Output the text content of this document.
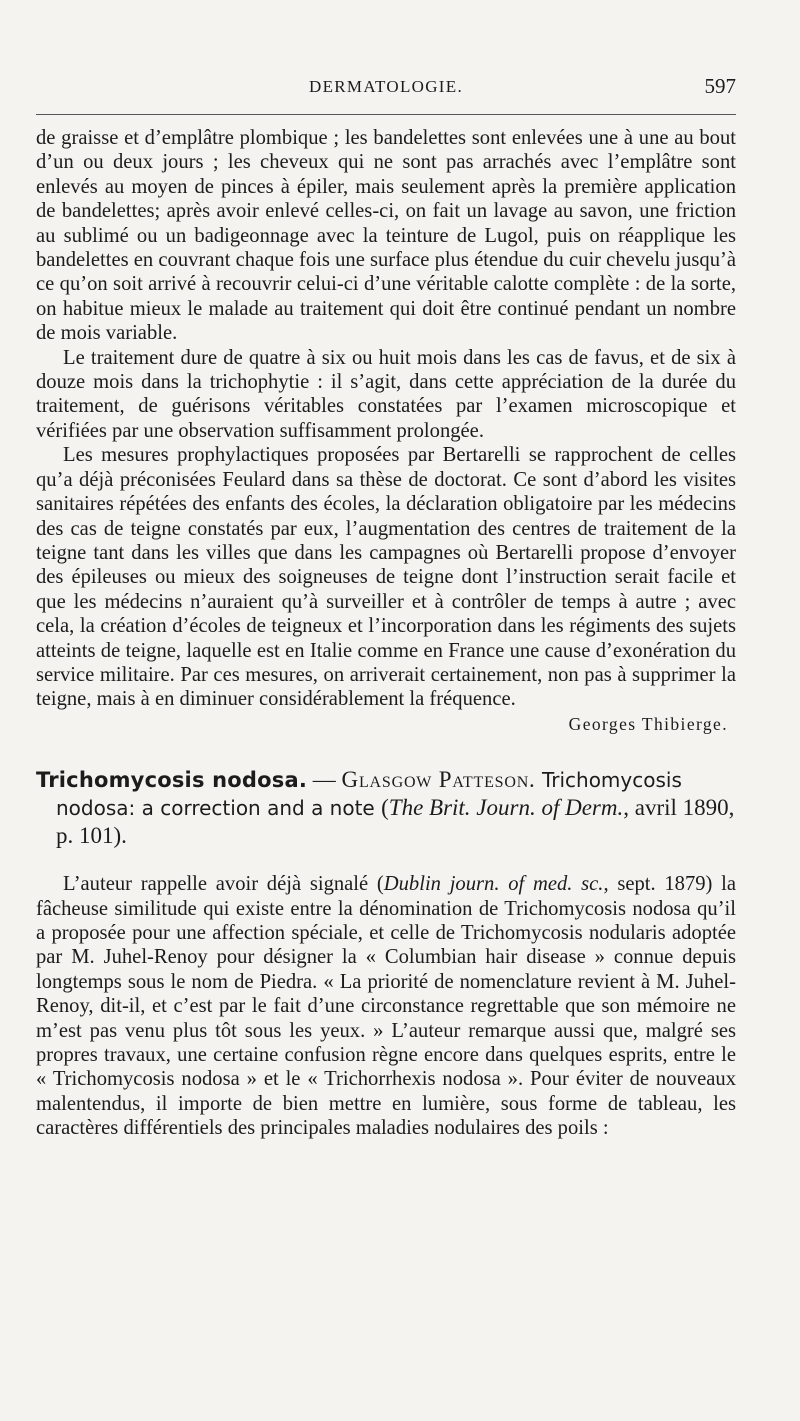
DERMATOLOGIE.	597

de graisse et d’emplâtre plombique ; les bandelettes sont enlevées une à une au bout d’un ou deux jours ; les cheveux qui ne sont pas arrachés avec l’emplâtre sont enlevés au moyen de pinces à épiler, mais seulement après la première application de bandelettes; après avoir enlevé celles-ci, on fait un lavage au savon, une friction au sublimé ou un badigeonnage avec la teinture de Lugol, puis on réapplique les bandelettes en couvrant chaque fois une surface plus étendue du cuir chevelu jusqu’à ce qu’on soit arrivé à recouvrir celui-ci d’une véritable calotte complète : de la sorte, on habitue mieux le malade au traitement qui doit être continué pendant un nombre de mois variable.

Le traitement dure de quatre à six ou huit mois dans les cas de favus, et de six à douze mois dans la trichophytie : il s’agit, dans cette appréciation de la durée du traitement, de guérisons véritables constatées par l’examen microscopique et vérifiées par une observation suffisamment prolongée.

Les mesures prophylactiques proposées par Bertarelli se rapprochent de celles qu’a déjà préconisées Feulard dans sa thèse de doctorat. Ce sont d’abord les visites sanitaires répétées des enfants des écoles, la déclaration obligatoire par les médecins des cas de teigne constatés par eux, l’augmentation des centres de traitement de la teigne tant dans les villes que dans les campagnes où Bertarelli propose d’envoyer des épileuses ou mieux des soigneuses de teigne dont l’instruction serait facile et que les médecins n’auraient qu’à surveiller et à contrôler de temps à autre ; avec cela, la création d’écoles de teigneux et l’incorporation dans les régiments des sujets atteints de teigne, laquelle est en Italie comme en France une cause d’exonération du service militaire. Par ces mesures, on arriverait certainement, non pas à supprimer la teigne, mais à en diminuer considérablement la fréquence.

Georges Thibierge.

Trichomycosis nodosa. — Glasgow Patteson. Trichomycosis nodosa: a correction and a note (The Brit. Journ. of Derm., avril 1890, p. 101).

L’auteur rappelle avoir déjà signalé (Dublin journ. of med. sc., sept. 1879) la fâcheuse similitude qui existe entre la dénomination de Trichomycosis nodosa qu’il a proposée pour une affection spéciale, et celle de Trichomycosis nodularis adoptée par M. Juhel-Renoy pour désigner la « Columbian hair disease » connue depuis longtemps sous le nom de Piedra. « La priorité de nomenclature revient à M. Juhel-Renoy, dit-il, et c’est par le fait d’une circonstance regrettable que son mémoire ne m’est pas venu plus tôt sous les yeux. » L’auteur remarque aussi que, malgré ses propres travaux, une certaine confusion règne encore dans quelques esprits, entre le « Trichomycosis nodosa » et le « Trichorrhexis nodosa ». Pour éviter de nouveaux malentendus, il importe de bien mettre en lumière, sous forme de tableau, les caractères différentiels des principales maladies nodulaires des poils :
